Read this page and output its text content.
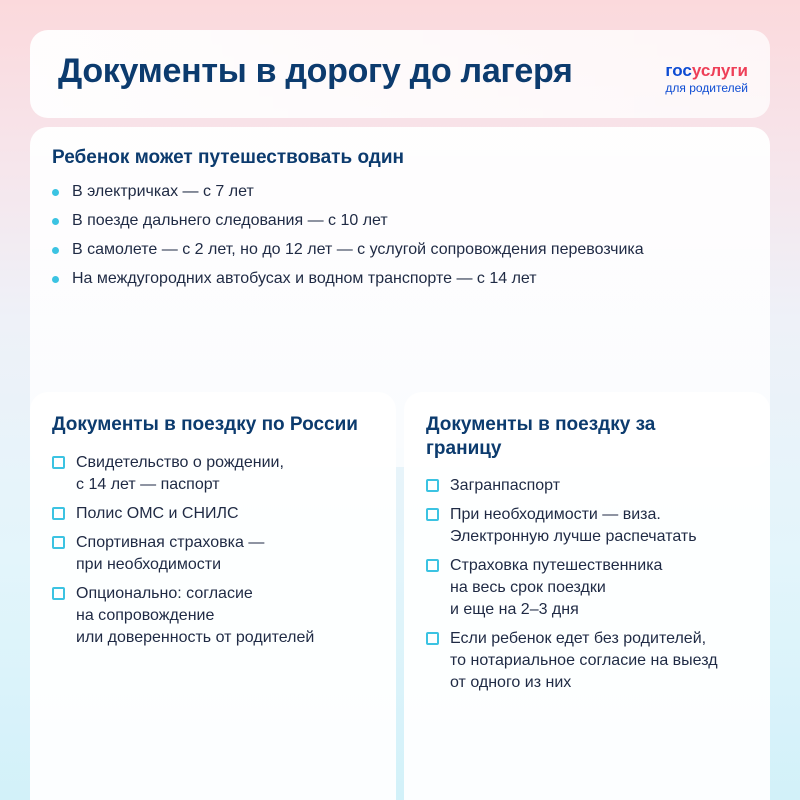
Документы в дорогу до лагеря	госуслуги
для родителей
Ребенок может путешествовать один
В электричках — с 7 лет
В поезде дальнего следования — с 10 лет
В самолете — с 2 лет, но до 12 лет — с услугой сопровождения перевозчика
На междугородних автобусах и водном транспорте — с 14 лет
Документы в поездку по России
Свидетельство о рождении,
с 14 лет — паспорт
Полис ОМС и СНИЛС
Спортивная страховка —
при необходимости
Опционально: согласие
на сопровождение
или доверенность от родителей
Документы в поездку за границу
Загранпаспорт
При необходимости — виза.
Электронную лучше распечатать
Страховка путешественника
на весь срок поездки
и еще на 2–3 дня
Если ребенок едет без родителей,
то нотариальное согласие на выезд
от одного из них
